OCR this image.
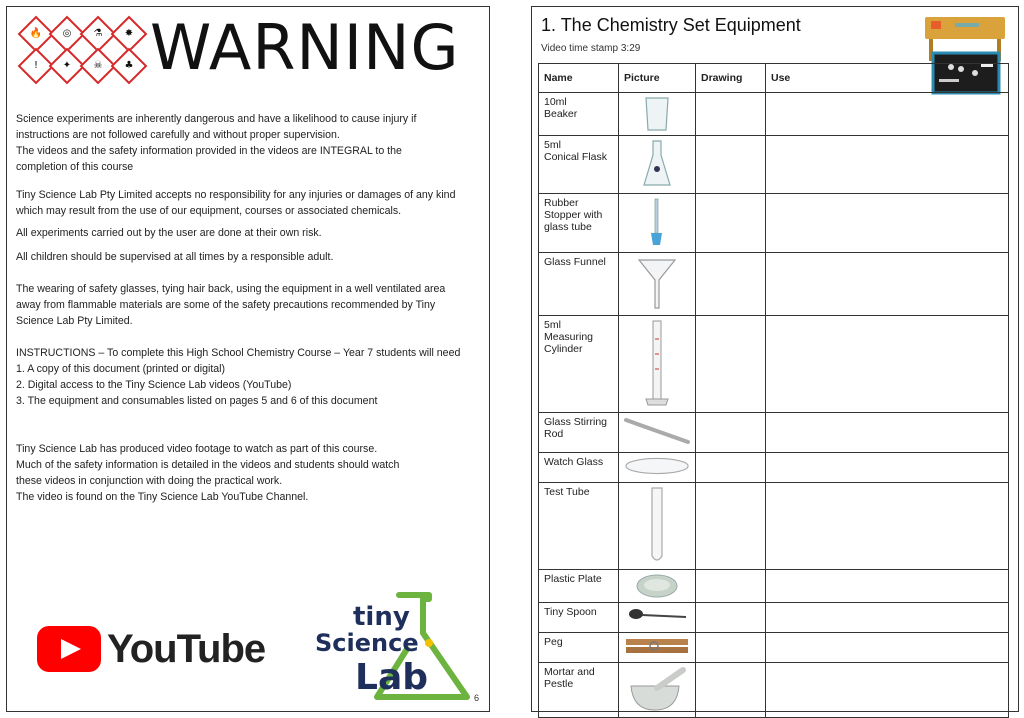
🔥	◎	⚗	✸
!	✦	☠	♣ WARNING

Science experiments are inherently dangerous and have a likelihood to cause injury if

instructions are not followed carefully and without proper supervision.

The videos and the safety information provided in the videos are INTEGRAL to the

completion of this course

Tiny Science Lab Pty Limited accepts no responsibility for any injuries or damages of any kind

which may result from the use of our equipment, courses or associated chemicals.

All experiments carried out by the user are done at their own risk.

All children should be supervised at all times by a responsible adult.

The wearing of safety glasses, tying hair back, using the equipment in a well ventilated area

away from flammable materials are some of the safety precautions recommended by Tiny

Science Lab Pty Limited.

INSTRUCTIONS – To complete this High School Chemistry Course – Year 7 students will need

1. A copy of this document (printed or digital)

2. Digital access to the Tiny Science Lab videos (YouTube)

3. The equipment and consumables listed on pages 5 and 6 of this document

Tiny Science Lab has produced video footage to watch as part of this course.

Much of the safety information is detailed in the videos and students should watch

these videos in conjunction with doing the practical work.

The video is found on the Tiny Science Lab YouTube Channel.

YouTube
tiny
Science
Lab	6
1. The Chemistry Set Equipment
Video time stamp 3:29
Name	Picture	Drawing	Use
10ml
Beaker	

5ml
Conical Flask	

Rubber
Stopper with
glass tube	

Glass Funnel	

5ml
Measuring
Cylinder	

Glass Stirring
Rod	

Watch Glass	

Test Tube	

Plastic Plate	

Tiny Spoon	

Peg	

Mortar and
Pestle	
